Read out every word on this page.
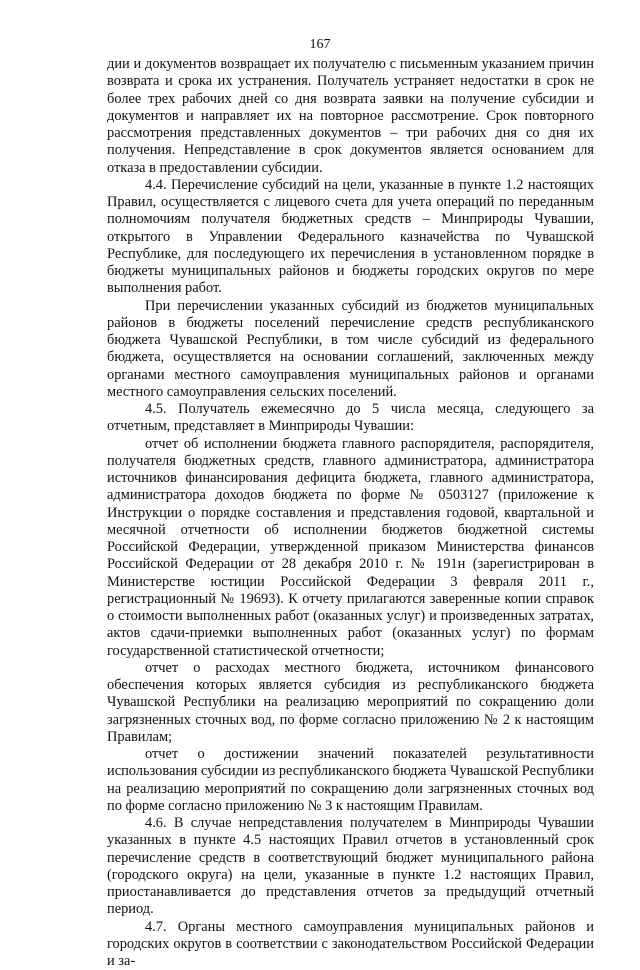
167

дии и документов возвращает их получателю с письменным указанием причин возврата и срока их устранения. Получатель устраняет недостатки в срок не более трех рабочих дней со дня возврата заявки на получение субсидии и документов и направляет их на повторное рассмотрение. Срок повторного рассмотрения представленных документов – три рабочих дня со дня их получения. Непредставление в срок документов является основанием для отказа в предоставлении субсидии.

4.4. Перечисление субсидий на цели, указанные в пункте 1.2 настоящих Правил, осуществляется с лицевого счета для учета операций по переданным полномочиям получателя бюджетных средств – Минприроды Чувашии, открытого в Управлении Федерального казначейства по Чувашской Республике, для последующего их перечисления в установленном порядке в бюджеты муниципальных районов и бюджеты городских округов по мере выполнения работ.

При перечислении указанных субсидий из бюджетов муниципальных районов в бюджеты поселений перечисление средств республиканского бюджета Чувашской Республики, в том числе субсидий из федерального бюджета, осуществляется на основании соглашений, заключенных между органами местного самоуправления муниципальных районов и органами местного самоуправления сельских поселений.

4.5. Получатель ежемесячно до 5 числа месяца, следующего за отчетным, представляет в Минприроды Чувашии:

отчет об исполнении бюджета главного распорядителя, распорядителя, получателя бюджетных средств, главного администратора, администратора источников финансирования дефицита бюджета, главного администратора, администратора доходов бюджета по форме № 0503127 (приложение к Инструкции о порядке составления и представления годовой, квартальной и месячной отчетности об исполнении бюджетов бюджетной системы Российской Федерации, утвержденной приказом Министерства финансов Российской Федерации от 28 декабря 2010 г. № 191н (зарегистрирован в Министерстве юстиции Российской Федерации 3 февраля 2011 г., регистрационный № 19693). К отчету прилагаются заверенные копии справок о стоимости выполненных работ (оказанных услуг) и произведенных затратах, актов сдачи-приемки выполненных работ (оказанных услуг) по формам государственной статистической отчетности;

отчет о расходах местного бюджета, источником финансового обеспечения которых является субсидия из республиканского бюджета Чувашской Республики на реализацию мероприятий по сокращению доли загрязненных сточных вод, по форме согласно приложению № 2 к настоящим Правилам;

отчет о достижении значений показателей результативности использования субсидии из республиканского бюджета Чувашской Республики на реализацию мероприятий по сокращению доли загрязненных сточных вод по форме согласно приложению № 3 к настоящим Правилам.

4.6. В случае непредставления получателем в Минприроды Чувашии указанных в пункте 4.5 настоящих Правил отчетов в установленный срок перечисление средств в соответствующий бюджет муниципального района (городского округа) на цели, указанные в пункте 1.2 настоящих Правил, приостанавливается до представления отчетов за предыдущий отчетный период.

4.7. Органы местного самоуправления муниципальных районов и городских округов в соответствии с законодательством Российской Федерации и за-
